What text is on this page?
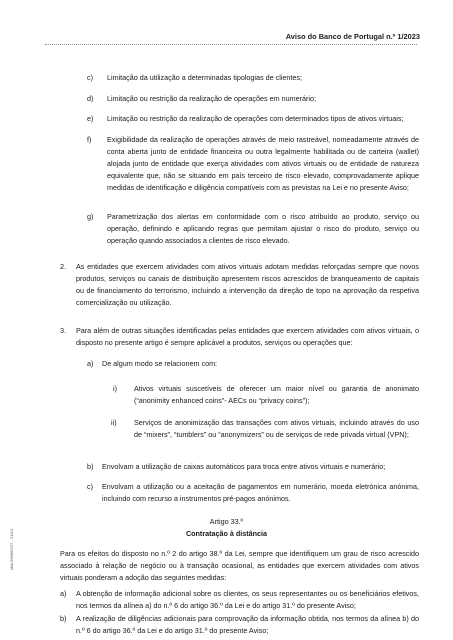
Aviso do Banco de Portugal n.º 1/2023
c) Limitação da utilização a determinadas tipologias de clientes;

d) Limitação ou restrição da realização de operações em numerário;

e) Limitação ou restrição da realização de operações com determinados tipos de ativos virtuais;

f) Exigibilidade da realização de operações através de meio rastreável, nomeadamente através de conta aberta junto de entidade financeira ou outra legalmente habilitada ou de carteira (wallet) alojada junto de entidade que exerça atividades com ativos virtuais ou de entidade de natureza equivalente que, não se situando em país terceiro de risco elevado, comprovadamente aplique medidas de identificação e diligência compatíveis com as previstas na Lei e no presente Aviso;

g) Parametrização dos alertas em conformidade com o risco atribuído ao produto, serviço ou operação, definindo e aplicando regras que permitam ajustar o risco do produto, serviço ou operação quando associados a clientes de risco elevado.

2. As entidades que exercem atividades com ativos virtuais adotam medidas reforçadas sempre que novos produtos, serviços ou canais de distribuição apresentem riscos acrescidos de branqueamento de capitais ou de financiamento do terrorismo, incluindo a intervenção da direção de topo na aprovação da respetiva comercialização ou utilização.

3. Para além de outras situações identificadas pelas entidades que exercem atividades com ativos virtuais, o disposto no presente artigo é sempre aplicável a produtos, serviços ou operações que:

a) De algum modo se relacionem com:

i) Ativos virtuais suscetíveis de oferecer um maior nível ou garantia de anonimato (“anonimity enhanced coins”- AECs ou “privacy coins”);

ii) Serviços de anonimização das transações com ativos virtuais, incluindo através do uso de “mixers”, “tumblers” ou “anonymizers” ou de serviços de rede privada virtual (VPN);

b) Envolvam a utilização de caixas automáticos para troca entre ativos virtuais e numerário;

c) Envolvam a utilização ou a aceitação de pagamentos em numerário, moeda eletrónica anónima, incluindo com recurso a instrumentos pré-pagos anónimos.

Artigo 33.º
Contratação à distância

Para os efeitos do disposto no n.º 2 do artigo 38.º da Lei, sempre que identifiquem um grau de risco acrescido associado à relação de negócio ou à transação ocasional, as entidades que exercem atividades com ativos virtuais ponderam a adoção das seguintes medidas:

a) A obtenção de informação adicional sobre os clientes, os seus representantes ou os beneficiários efetivos, nos termos da alínea a) do n.º 6 do artigo 36.º da Lei e do artigo 31.º do presente Aviso;

b) A realização de diligências adicionais para comprovação da informação obtida, nos termos da alínea b) do n.º 6 do artigo 36.º da Lei e do artigo 31.º do presente Aviso;

MAI.9999/INST - 21/14
